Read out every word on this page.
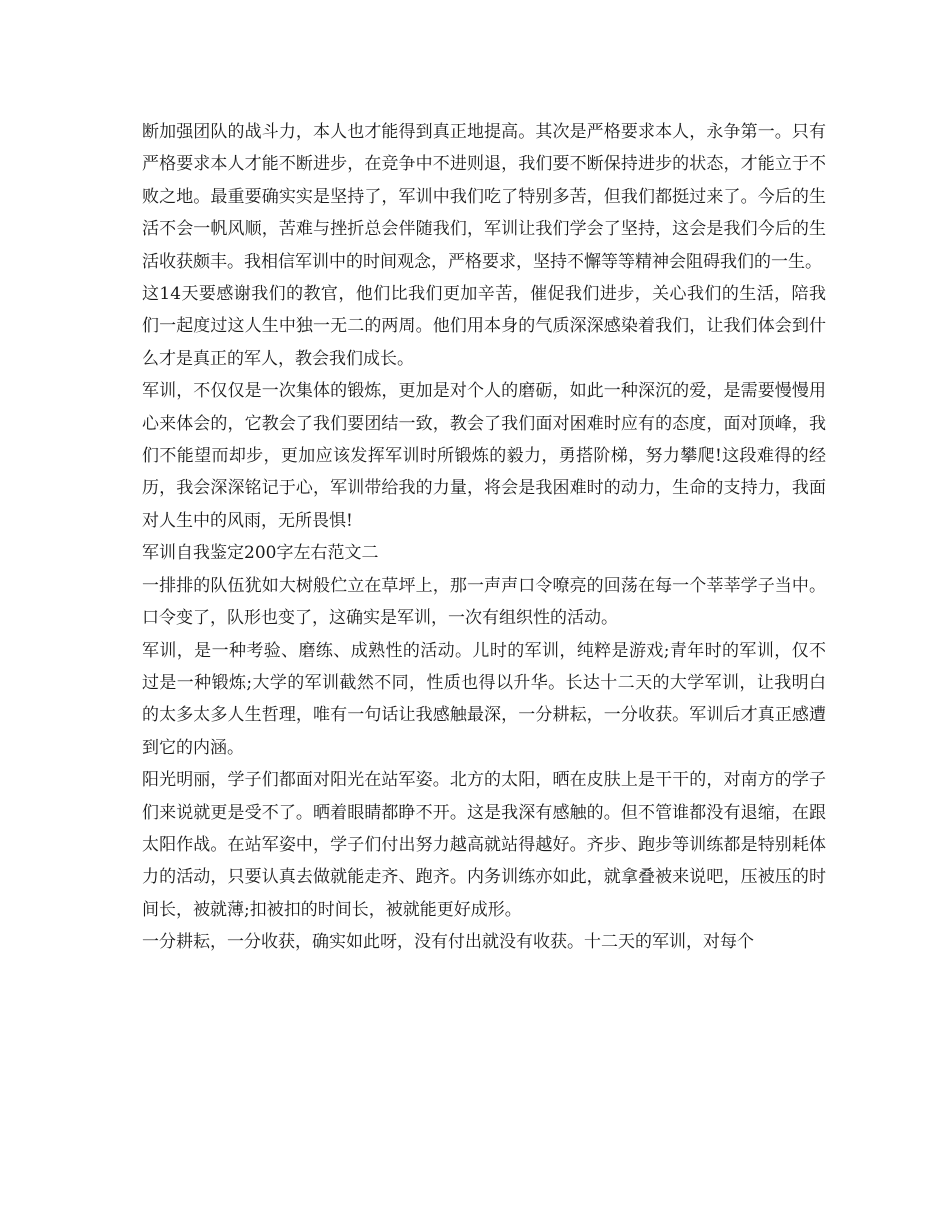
断加强团队的战斗力，本人也才能得到真正地提高。其次是严格要求本人，永争第一。只有严格要求本人才能不断进步，在竞争中不进则退，我们要不断保持进步的状态，才能立于不败之地。最重要确实实是坚持了，军训中我们吃了特别多苦，但我们都挺过来了。今后的生活不会一帆风顺，苦难与挫折总会伴随我们，军训让我们学会了坚持，这会是我们今后的生活收获颇丰。我相信军训中的时间观念，严格要求，坚持不懈等等精神会阻碍我们的一生。

这14天要感谢我们的教官，他们比我们更加辛苦，催促我们进步，关心我们的生活，陪我们一起度过这人生中独一无二的两周。他们用本身的气质深深感染着我们，让我们体会到什么才是真正的军人，教会我们成长。

军训，不仅仅是一次集体的锻炼，更加是对个人的磨砺，如此一种深沉的爱，是需要慢慢用心来体会的，它教会了我们要团结一致，教会了我们面对困难时应有的态度，面对顶峰，我们不能望而却步，更加应该发挥军训时所锻炼的毅力，勇搭阶梯，努力攀爬!这段难得的经历，我会深深铭记于心，军训带给我的力量，将会是我困难时的动力，生命的支持力，我面对人生中的风雨，无所畏惧!

军训自我鉴定200字左右范文二

一排排的队伍犹如大树般伫立在草坪上，那一声声口令嘹亮的回荡在每一个莘莘学子当中。口令变了，队形也变了，这确实是军训，一次有组织性的活动。

军训，是一种考验、磨练、成熟性的活动。儿时的军训，纯粹是游戏;青年时的军训，仅不过是一种锻炼;大学的军训截然不同，性质也得以升华。长达十二天的大学军训，让我明白的太多太多人生哲理，唯有一句话让我感触最深，一分耕耘，一分收获。军训后才真正感遭到它的内涵。

阳光明丽，学子们都面对阳光在站军姿。北方的太阳，晒在皮肤上是干干的，对南方的学子们来说就更是受不了。晒着眼睛都睁不开。这是我深有感触的。但不管谁都没有退缩，在跟太阳作战。在站军姿中，学子们付出努力越高就站得越好。齐步、跑步等训练都是特别耗体力的活动，只要认真去做就能走齐、跑齐。内务训练亦如此，就拿叠被来说吧，压被压的时间长，被就薄;扣被扣的时间长，被就能更好成形。

一分耕耘，一分收获，确实如此呀，没有付出就没有收获。十二天的军训，对每个
